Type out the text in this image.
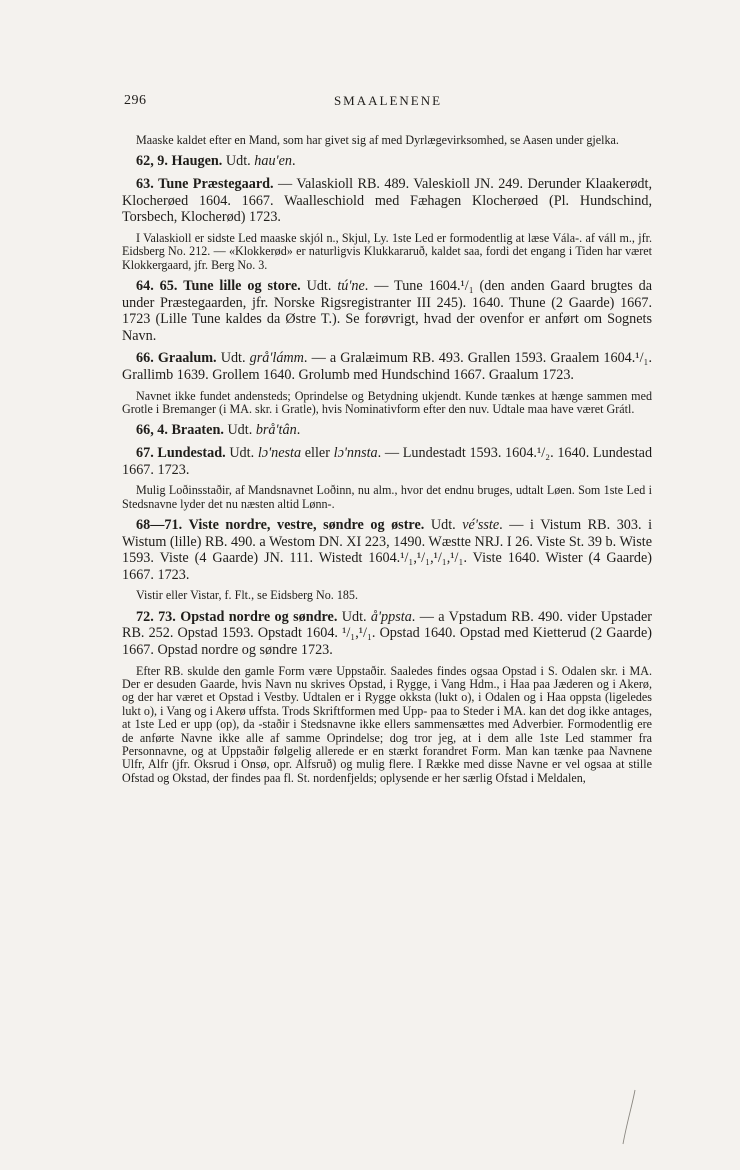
296	SMAALENENE

Maaske kaldet efter en Mand, som har givet sig af med Dyrlægevirksomhed, se Aasen under gjelka.

62, 9. Haugen. Udt. hau'en.

63. Tune Præstegaard. — Valaskioll RB. 489. Valeskioll JN. 249. Derunder Klaakerødt, Klocherøed 1604. 1667. Waalleschiold med Fæhagen Klocherøed (Pl. Hundschind, Torsbech, Klocherød) 1723.

I Valaskioll er sidste Led maaske skjól n., Skjul, Ly. 1ste Led er formodentlig at læse Vála-. af váll m., jfr. Eidsberg No. 212. — «Klokkerød» er naturligvis Klukkararuð, kaldet saa, fordi det engang i Tiden har været Klokkergaard, jfr. Berg No. 3.

64. 65. Tune lille og store. Udt. tú'ne. — Tune 1604.¹/₁ (den anden Gaard brugtes da under Præstegaarden, jfr. Norske Rigsregistranter III 245). 1640. Thune (2 Gaarde) 1667. 1723 (Lille Tune kaldes da Østre T.). Se forøvrigt, hvad der ovenfor er anført om Sognets Navn.

66. Graalum. Udt. grå'lámm. — a Gralæimum RB. 493. Grallen 1593. Graalem 1604.¹/₁. Grallimb 1639. Grollem 1640. Grolumb med Hundschind 1667. Graalum 1723.

Navnet ikke fundet andensteds; Oprindelse og Betydning ukjendt. Kunde tænkes at hænge sammen med Grotle i Bremanger (i MA. skr. i Gratle), hvis Nominativform efter den nuv. Udtale maa have været Grátl.

66, 4. Braaten. Udt. brå'tân.

67. Lundestad. Udt. lɔ'nesta eller lɔ'nnsta. — Lundestadt 1593. 1604.¹/₂. 1640. Lundestad 1667. 1723.

Mulig Loðinsstaðir, af Mandsnavnet Loðinn, nu alm., hvor det endnu bruges, udtalt Løen. Som 1ste Led i Stedsnavne lyder det nu næsten altid Lønn-.

68—71. Viste nordre, vestre, søndre og østre. Udt. vé'sste. — i Vistum RB. 303. i Wistum (lille) RB. 490. a Westom DN. XI 223, 1490. Wæstte NRJ. I 26. Viste St. 39 b. Wiste 1593. Viste (4 Gaarde) JN. 111. Wistedt 1604.¹/₁,¹/₁,¹/₁,¹/₁. Viste 1640. Wister (4 Gaarde) 1667. 1723.

Vistir eller Vistar, f. Flt., se Eidsberg No. 185.

72. 73. Opstad nordre og søndre. Udt. å'ppsta. — a Vpstadum RB. 490. vider Upstader RB. 252. Opstad 1593. Opstadt 1604. ¹/₁,¹/₁. Opstad 1640. Opstad med Kietterud (2 Gaarde) 1667. Opstad nordre og søndre 1723.

Efter RB. skulde den gamle Form være Uppstaðir. Saaledes findes ogsaa Opstad i S. Odalen skr. i MA. Der er desuden Gaarde, hvis Navn nu skrives Opstad, i Rygge, i Vang Hdm., i Haa paa Jæderen og i Akerø, og der har været et Opstad i Vestby. Udtalen er i Rygge okksta (lukt o), i Odalen og i Haa oppsta (ligeledes lukt o), i Vang og i Akerø uffsta. Trods Skriftformen med Upp- paa to Steder i MA. kan det dog ikke antages, at 1ste Led er upp (op), da -staðir i Stedsnavne ikke ellers sammensættes med Adverbier. Formodentlig ere de anførte Navne ikke alle af samme Oprindelse; dog tror jeg, at i dem alle 1ste Led stammer fra Personnavne, og at Uppstaðir følgelig allerede er en stærkt forandret Form. Man kan tænke paa Navnene Ulfr, Alfr (jfr. Oksrud i Onsø, opr. Alfsruð) og mulig flere. I Række med disse Navne er vel ogsaa at stille Ofstad og Okstad, der findes paa fl. St. nordenfjelds; oplysende er her særlig Ofstad i Meldalen,
